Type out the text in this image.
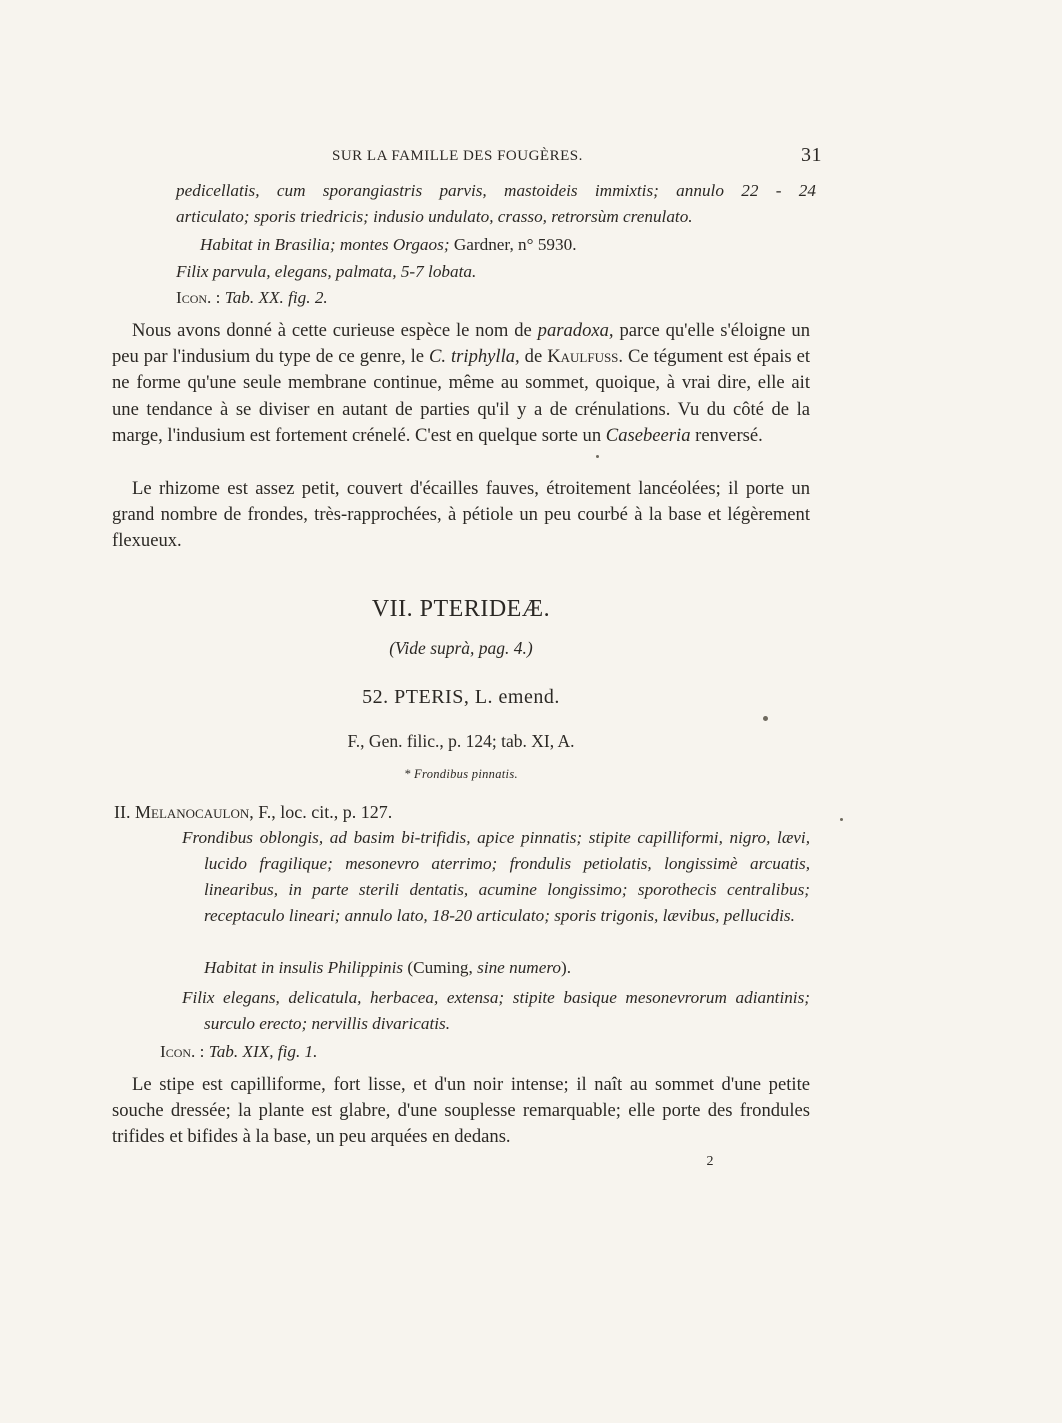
SUR LA FAMILLE DES FOUGÈRES.	31
pedicellatis, cum sporangiastris parvis, mastoideis immixtis; annulo 22 - 24
articulato; sporis triedricis; indusio undulato, crasso, retrorsùm crenulato.
Habitat in Brasilia; montes Orgaos; Gardner, n° 5930.
Filix parvula, elegans, palmata, 5-7 lobata.
Icon. : Tab. XX. fig. 2.
Nous avons donné à cette curieuse espèce le nom de paradoxa, parce qu'elle s'éloigne un peu par l'indusium du type de ce genre, le C. triphylla, de Kaulfuss. Ce tégument est épais et ne forme qu'une seule membrane continue, même au sommet, quoique, à vrai dire, elle ait une tendance à se diviser en autant de parties qu'il y a de crénulations. Vu du côté de la marge, l'indusium est fortement crénelé. C'est en quelque sorte un Casebeeria renversé.
Le rhizome est assez petit, couvert d'écailles fauves, étroitement lancéolées; il porte un grand nombre de frondes, très-rapprochées, à pétiole un peu courbé à la base et légèrement flexueux.
VII. PTERIDEÆ.
(Vide suprà, pag. 4.)
52. PTERIS, L. emend.
F., Gen. filic., p. 124; tab. XI, A.
* Frondibus pinnatis.
II. Melanocaulon, F., loc. cit., p. 127.
Frondibus oblongis, ad basim bi-trifidis, apice pinnatis; stipite capilliformi, nigro, lævi, lucido fragilique; mesonevro aterrimo; frondulis petiolatis, longissimè arcuatis, linearibus, in parte sterili dentatis, acumine longissimo; sporothecis centralibus; receptaculo lineari; annulo lato, 18-20 articulato; sporis trigonis, lævibus, pellucidis.
Habitat in insulis Philippinis (Cuming, sine numero).
Filix elegans, delicatula, herbacea, extensa; stipite basique mesonevrorum adiantinis; surculo erecto; nervillis divaricatis.
Icon. : Tab. XIX, fig. 1.
Le stipe est capilliforme, fort lisse, et d'un noir intense; il naît au sommet d'une petite souche dressée; la plante est glabre, d'une souplesse remarquable; elle porte des frondules trifides et bifides à la base, un peu arquées en dedans.
2
